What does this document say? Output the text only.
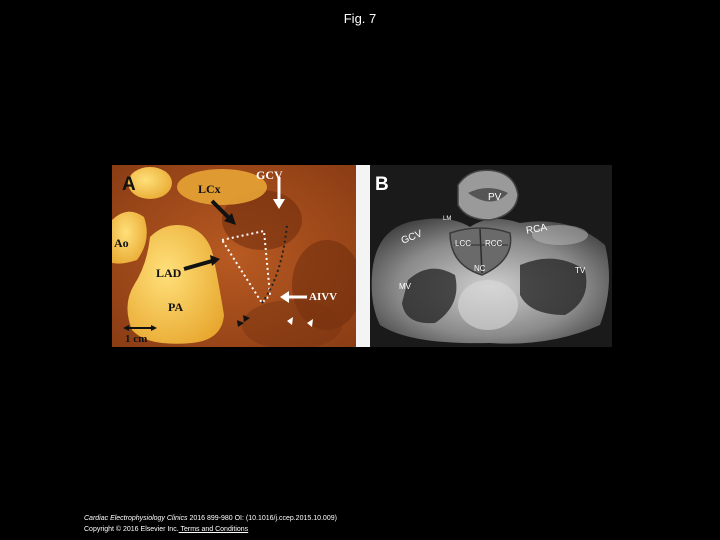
Fig. 7
A	LCx
GCV
Ao
LAD
PA
AIVV
1 cm
B
PV
LM
RCA
GCV	LCC RCC
NC	TV
MV
Cardiac Electrophysiology Clinics 2016 899-980 OI: (10.1016/j.ccep.2015.10.009)
Copyright © 2016 Elsevier Inc. Terms and Conditions
